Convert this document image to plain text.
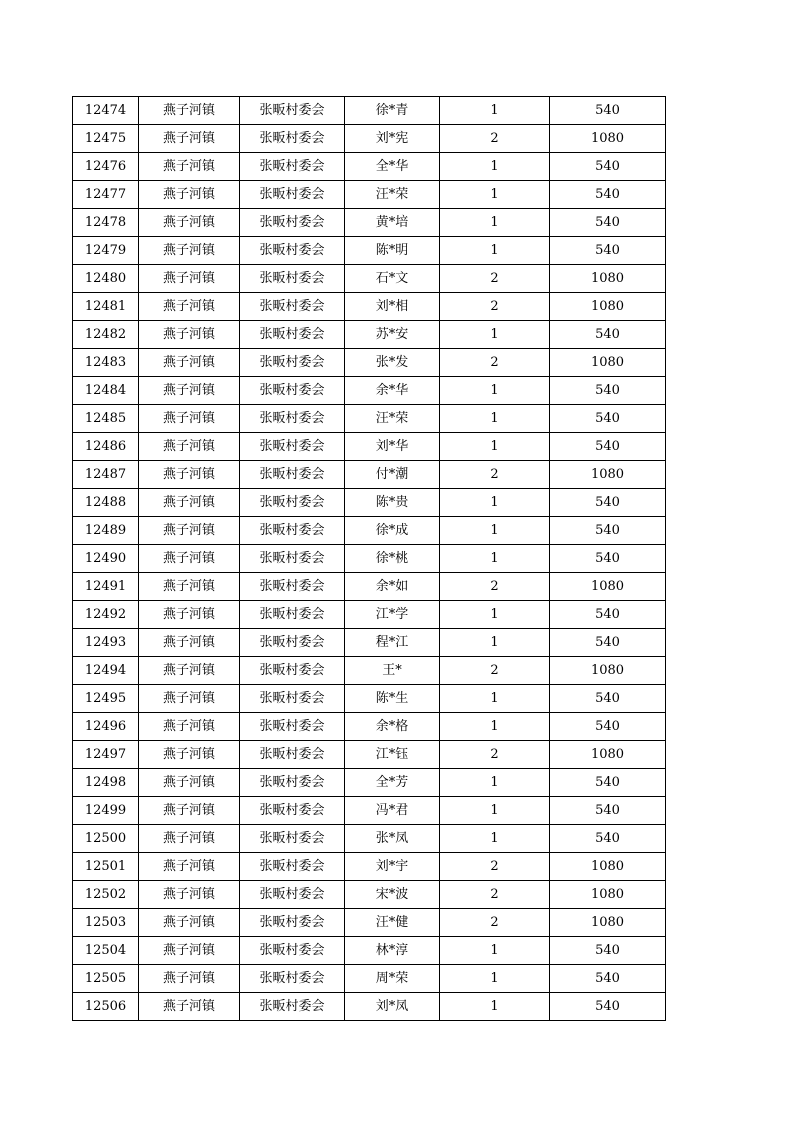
12474	燕子河镇	张畈村委会	徐*青	1	540
12475	燕子河镇	张畈村委会	刘*宪	2	1080
12476	燕子河镇	张畈村委会	全*华	1	540
12477	燕子河镇	张畈村委会	汪*荣	1	540
12478	燕子河镇	张畈村委会	黄*培	1	540
12479	燕子河镇	张畈村委会	陈*明	1	540
12480	燕子河镇	张畈村委会	石*文	2	1080
12481	燕子河镇	张畈村委会	刘*相	2	1080
12482	燕子河镇	张畈村委会	苏*安	1	540
12483	燕子河镇	张畈村委会	张*发	2	1080
12484	燕子河镇	张畈村委会	余*华	1	540
12485	燕子河镇	张畈村委会	汪*荣	1	540
12486	燕子河镇	张畈村委会	刘*华	1	540
12487	燕子河镇	张畈村委会	付*潮	2	1080
12488	燕子河镇	张畈村委会	陈*贵	1	540
12489	燕子河镇	张畈村委会	徐*成	1	540
12490	燕子河镇	张畈村委会	徐*桃	1	540
12491	燕子河镇	张畈村委会	余*如	2	1080
12492	燕子河镇	张畈村委会	江*学	1	540
12493	燕子河镇	张畈村委会	程*江	1	540
12494	燕子河镇	张畈村委会	王*	2	1080
12495	燕子河镇	张畈村委会	陈*生	1	540
12496	燕子河镇	张畈村委会	余*格	1	540
12497	燕子河镇	张畈村委会	江*钰	2	1080
12498	燕子河镇	张畈村委会	全*芳	1	540
12499	燕子河镇	张畈村委会	冯*君	1	540
12500	燕子河镇	张畈村委会	张*凤	1	540
12501	燕子河镇	张畈村委会	刘*宇	2	1080
12502	燕子河镇	张畈村委会	宋*波	2	1080
12503	燕子河镇	张畈村委会	汪*健	2	1080
12504	燕子河镇	张畈村委会	林*淳	1	540
12505	燕子河镇	张畈村委会	周*荣	1	540
12506	燕子河镇	张畈村委会	刘*凤	1	540
